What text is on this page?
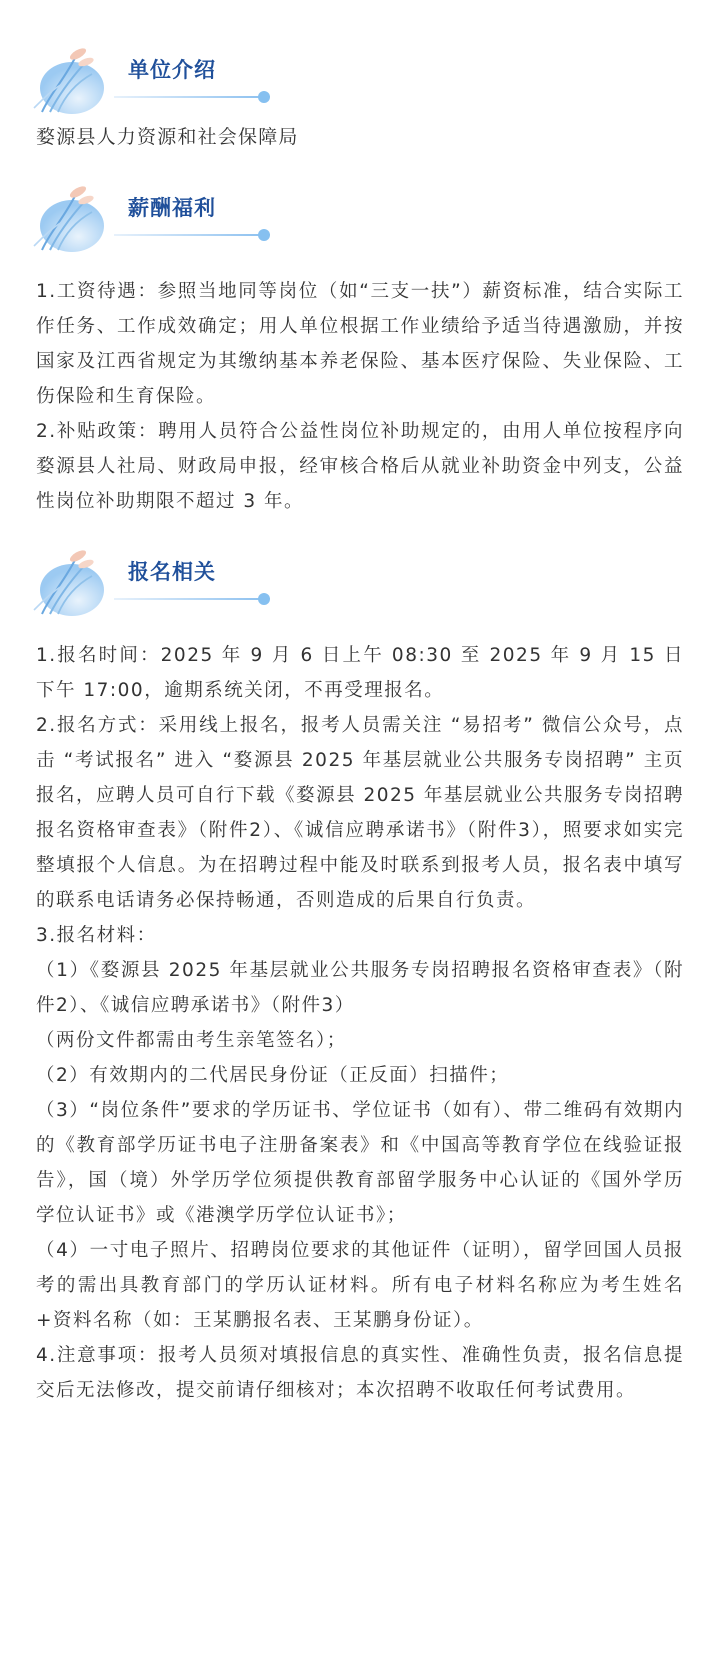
单位介绍

婺源县人力资源和社会保障局

薪酬福利

1.工资待遇：参照当地同等岗位（如“三支一扶”）薪资标准，结合实际工作任务、工作成效确定；用人单位根据工作业绩给予适当待遇激励，并按国家及江西省规定为其缴纳基本养老保险、基本医疗保险、失业保险、工伤保险和生育保险。

2.补贴政策：聘用人员符合公益性岗位补助规定的，由用人单位按程序向婺源县人社局、财政局申报，经审核合格后从就业补助资金中列支，公益性岗位补助期限不超过 3 年。

报名相关

1.报名时间：2025 年 9 月 6 日上午 08:30 至 2025 年 9 月 15 日下午 17:00，逾期系统关闭，不再受理报名。

2.报名方式：采用线上报名，报考人员需关注 “易招考” 微信公众号，点击 “考试报名” 进入 “婺源县 2025 年基层就业公共服务专岗招聘” 主页报名，应聘人员可自行下载《婺源县 2025 年基层就业公共服务专岗招聘报名资格审查表》（附件2）、《诚信应聘承诺书》（附件3），照要求如实完整填报个人信息。为在招聘过程中能及时联系到报考人员，报名表中填写的联系电话请务必保持畅通，否则造成的后果自行负责。

3.报名材料：

（1）《婺源县 2025 年基层就业公共服务专岗招聘报名资格审查表》（附件2）、《诚信应聘承诺书》（附件3）

（两份文件都需由考生亲笔签名）；

（2）有效期内的二代居民身份证（正反面）扫描件；

（3）“岗位条件”要求的学历证书、学位证书（如有）、带二维码有效期内的《教育部学历证书电子注册备案表》和《中国高等教育学位在线验证报告》，国（境）外学历学位须提供教育部留学服务中心认证的《国外学历学位认证书》或《港澳学历学位认证书》；

（4）一寸电子照片、招聘岗位要求的其他证件（证明），留学回国人员报考的需出具教育部门的学历认证材料。所有电子材料名称应为考生姓名+资料名称（如：王某鹏报名表、王某鹏身份证）。

4.注意事项：报考人员须对填报信息的真实性、准确性负责，报名信息提交后无法修改，提交前请仔细核对；本次招聘不收取任何考试费用。
